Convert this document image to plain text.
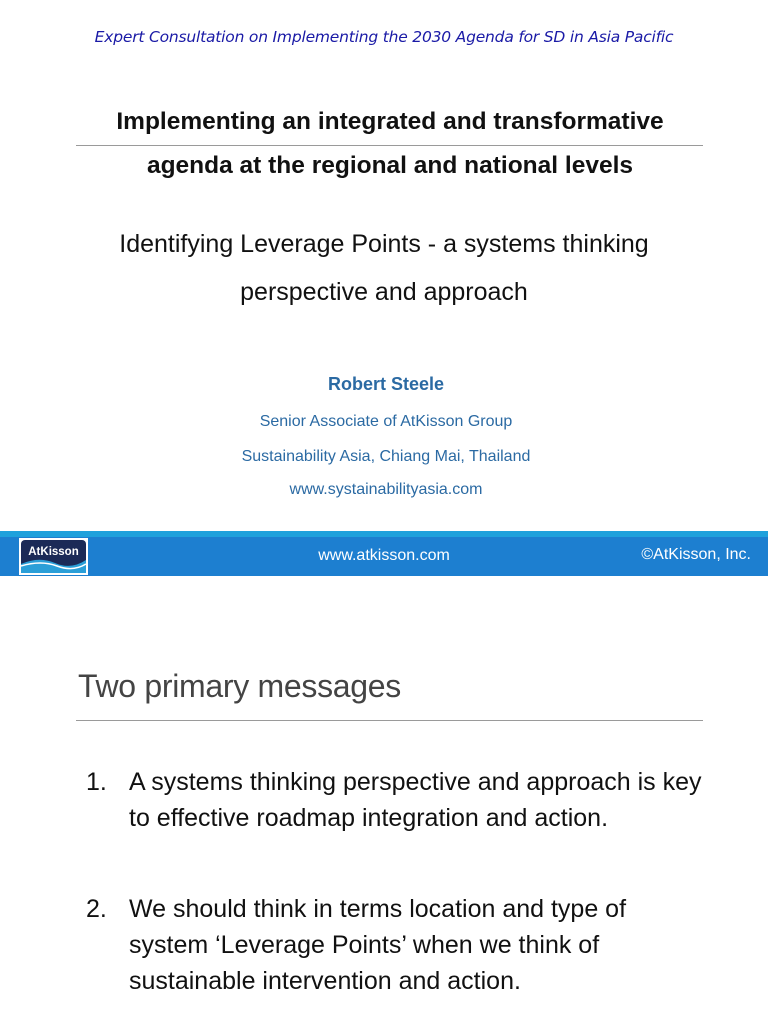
Expert Consultation on Implementing the 2030 Agenda for SD in Asia Pacific
Implementing an integrated and transformative
agenda at the regional and national levels
Identifying Leverage Points - a systems thinking
perspective and approach
Robert Steele
Senior Associate of AtKisson Group
Sustainability Asia, Chiang Mai, Thailand
www.systainabilityasia.com
AtKisson	www.atkisson.com	©AtKisson, Inc.
Two primary messages
1. A systems thinking perspective and approach is key to effective roadmap integration and action.
2. We should think in terms location and type of system ‘Leverage Points’ when we think of sustainable intervention and action.
